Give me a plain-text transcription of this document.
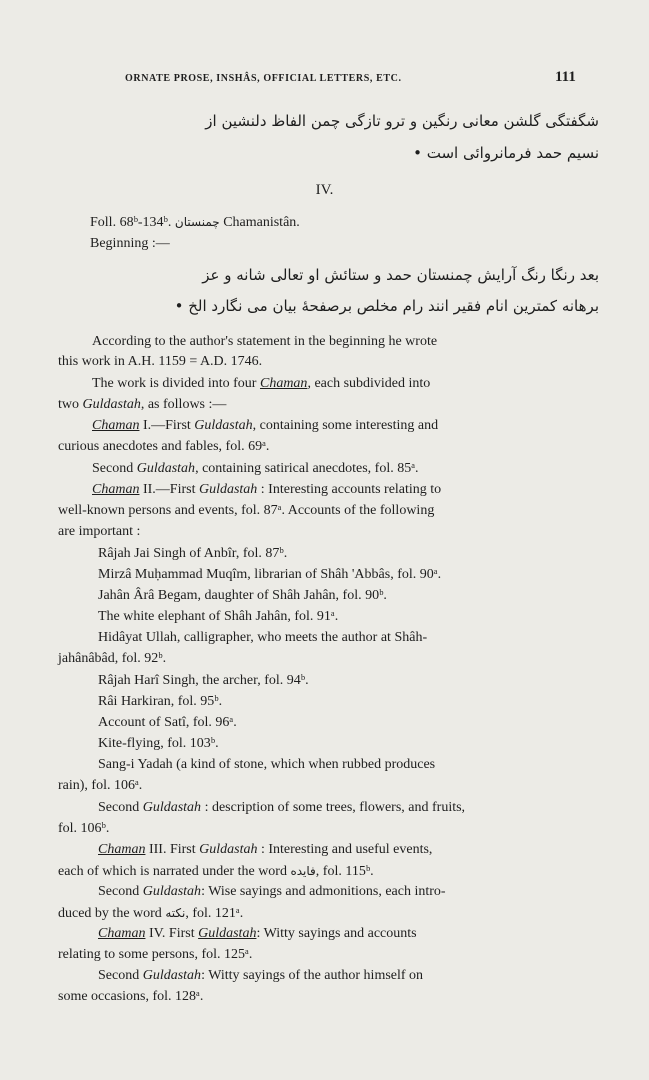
ORNATE PROSE, INSHÂS, OFFICIAL LETTERS, ETC.	111
شگفتگی گلشن معانی رنگین و ترو تازگی چمن الفاظ دلنشین از
نسیم حمد فرمانروائی است •
IV.
Foll. 68ᵇ-134ᵇ. چمنستان Chamanistân.
Beginning :—
بعد رنگا رنگ آرایش چمنستان حمد و ستائش او تعالی شانه و عز
برهانه کمترین انام فقیر انند رام مخلص برصفحهٔ بیان می نگارد الخ •
According to the author's statement in the beginning he wrote
this work in A.H. 1159 = A.D. 1746.
The work is divided into four Chaman, each subdivided into
two Guldastah, as follows :—
Chaman I.—First Guldastah, containing some interesting and
curious anecdotes and fables, fol. 69ᵃ.
Second Guldastah, containing satirical anecdotes, fol. 85ᵃ.
Chaman II.—First Guldastah : Interesting accounts relating to
well-known persons and events, fol. 87ᵃ. Accounts of the following
are important :
Râjah Jai Singh of Anbîr, fol. 87ᵇ.
Mirzâ Muḥammad Muqîm, librarian of Shâh 'Abbâs, fol. 90ᵃ.
Jahân Ârâ Begam, daughter of Shâh Jahân, fol. 90ᵇ.
The white elephant of Shâh Jahân, fol. 91ᵃ.
Hidâyat Ullah, calligrapher, who meets the author at Shâh-
jahânâbâd, fol. 92ᵇ.
Râjah Harî Singh, the archer, fol. 94ᵇ.
Râi Harkiran, fol. 95ᵇ.
Account of Satî, fol. 96ᵃ.
Kite-flying, fol. 103ᵇ.
Sang-i Yadah (a kind of stone, which when rubbed produces
rain), fol. 106ᵃ.
Second Guldastah : description of some trees, flowers, and fruits,
fol. 106ᵇ.
Chaman III. First Guldastah : Interesting and useful events,
each of which is narrated under the word فایده, fol. 115ᵇ.
Second Guldastah: Wise sayings and admonitions, each intro-
duced by the word نکته, fol. 121ᵃ.
Chaman IV. First Guldastah: Witty sayings and accounts
relating to some persons, fol. 125ᵃ.
Second Guldastah: Witty sayings of the author himself on
some occasions, fol. 128ᵃ.
